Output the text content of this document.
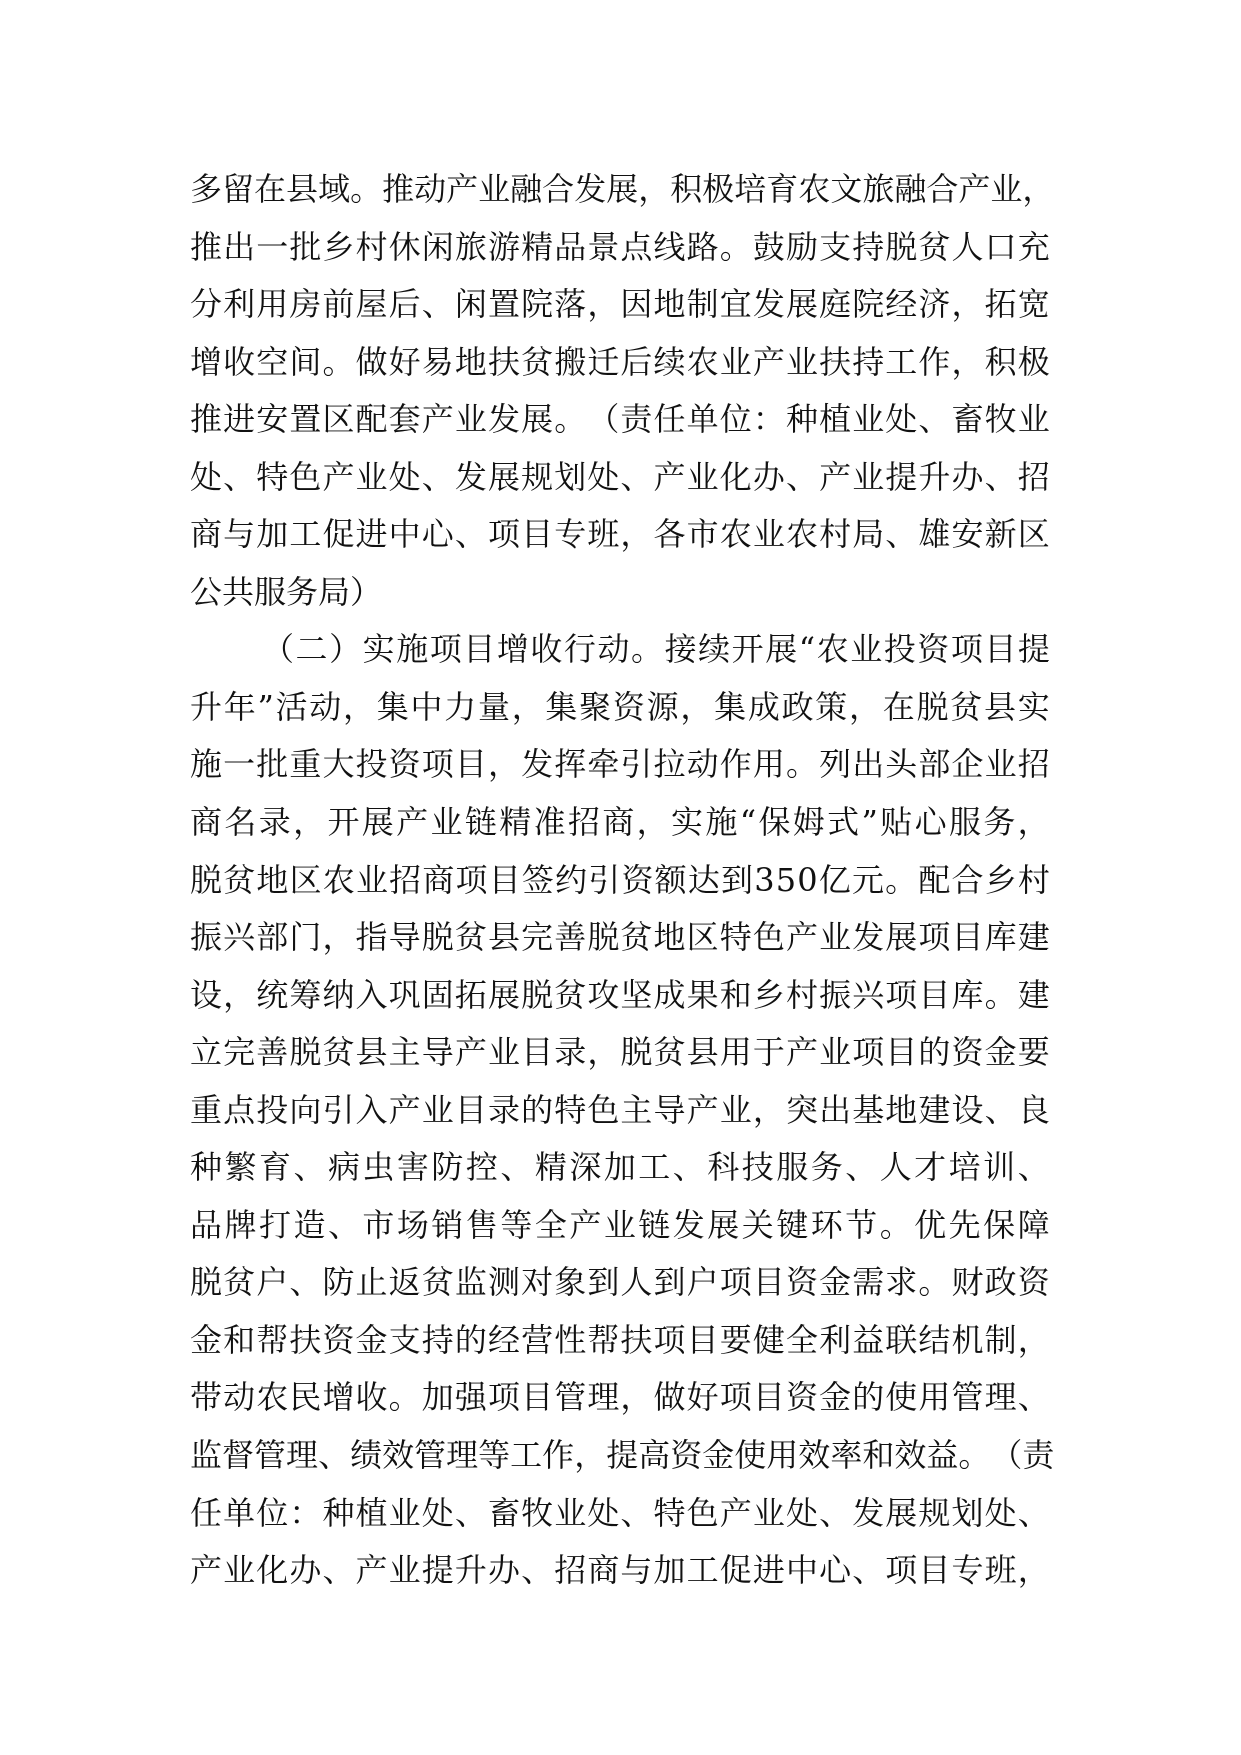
多 留 在 县 域 。 推 动 产 业 融 合 发 展 ， 积 极 培 育 农 文 旅 融 合 产 业 ，
推 出 一 批 乡 村 休 闲 旅 游 精 品 景 点 线 路 。 鼓 励 支 持 脱 贫 人 口 充
分 利 用 房 前 屋 后 、 闲 置 院 落 ， 因 地 制 宜 发 展 庭 院 经 济 ， 拓 宽
增 收 空 间 。 做 好 易 地 扶 贫 搬 迁 后 续 农 业 产 业 扶 持 工 作 ， 积 极
推 进 安 置 区 配 套 产 业 发 展 。 （ 责 任 单 位 ： 种 植 业 处 、 畜 牧 业
处 、 特 色 产 业 处 、 发 展 规 划 处 、 产 业 化 办 、 产 业 提 升 办 、 招
商 与 加 工 促 进 中 心 、 项 目 专 班 ， 各 市 农 业 农 村 局 、 雄 安 新 区
公共服务局）
（ 二 ） 实 施 项 目 增 收 行 动 。 接 续 开 展 “ 农 业 投 资 项 目 提
升 年 ” 活 动 ， 集 中 力 量 ， 集 聚 资 源 ， 集 成 政 策 ， 在 脱 贫 县 实
施 一 批 重 大 投 资 项 目 ， 发 挥 牵 引 拉 动 作 用 。 列 出 头 部 企 业 招
商 名 录 ， 开 展 产 业 链 精 准 招 商 ， 实 施 “ 保 姆 式 ” 贴 心 服 务 ，
脱 贫 地 区 农 业 招 商 项 目 签 约 引 资 额 达 到 3 5 0 亿 元 。 配 合 乡 村
振 兴 部 门 ， 指 导 脱 贫 县 完 善 脱 贫 地 区 特 色 产 业 发 展 项 目 库 建
设 ， 统 筹 纳 入 巩 固 拓 展 脱 贫 攻 坚 成 果 和 乡 村 振 兴 项 目 库 。 建
立 完 善 脱 贫 县 主 导 产 业 目 录 ， 脱 贫 县 用 于 产 业 项 目 的 资 金 要
重 点 投 向 引 入 产 业 目 录 的 特 色 主 导 产 业 ， 突 出 基 地 建 设 、 良
种 繁 育 、 病 虫 害 防 控 、 精 深 加 工 、 科 技 服 务 、 人 才 培 训 、
品 牌 打 造 、 市 场 销 售 等 全 产 业 链 发 展 关 键 环 节 。 优 先 保 障
脱 贫 户 、 防 止 返 贫 监 测 对 象 到 人 到 户 项 目 资 金 需 求 。 财 政 资
金 和 帮 扶 资 金 支 持 的 经 营 性 帮 扶 项 目 要 健 全 利 益 联 结 机 制 ，
带 动 农 民 增 收 。 加 强 项 目 管 理 ， 做 好 项 目 资 金 的 使 用 管 理 、
监 督 管 理 、 绩 效 管 理 等 工 作 ， 提 高 资 金 使 用 效 率 和 效 益 。 （ 责
任 单 位 ： 种 植 业 处 、 畜 牧 业 处 、 特 色 产 业 处 、 发 展 规 划 处 、
产 业 化 办 、 产 业 提 升 办 、 招 商 与 加 工 促 进 中 心 、 项 目 专 班 ，
